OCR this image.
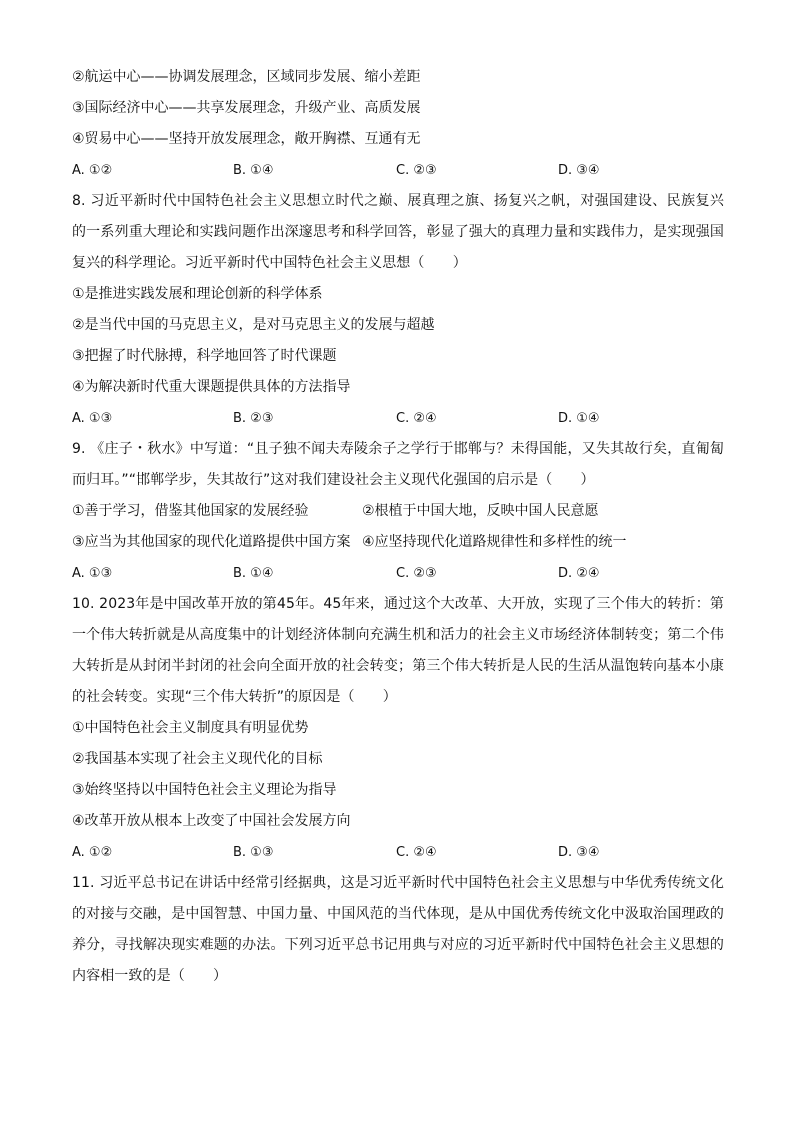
②航运中心——协调发展理念，区域同步发展、缩小差距
③国际经济中心——共享发展理念，升级产业、高质发展
④贸易中心——坚持开放发展理念，敞开胸襟、互通有无
A. ①②	B. ①④	C. ②③	D. ③④
8. 习近平新时代中国特色社会主义思想立时代之巅、展真理之旗、扬复兴之帆，对强国建设、民族复兴的一系列重大理论和实践问题作出深邃思考和科学回答，彰显了强大的真理力量和实践伟力，是实现强国复兴的科学理论。习近平新时代中国特色社会主义思想（　　）
①是推进实践发展和理论创新的科学体系
②是当代中国的马克思主义，是对马克思主义的发展与超越
③把握了时代脉搏，科学地回答了时代课题
④为解决新时代重大课题提供具体的方法指导
A. ①③	B. ②③	C. ②④	D. ①④
9. 《庄子・秋水》中写道：“且子独不闻夫寿陵余子之学行于邯郸与？未得国能，又失其故行矣，直匍匐而归耳。”“邯郸学步，失其故行”这对我们建设社会主义现代化强国的启示是（　　）
①善于学习，借鉴其他国家的发展经验	②根植于中国大地，反映中国人民意愿
③应当为其他国家的现代化道路提供中国方案 ④应坚持现代化道路规律性和多样性的统一
A. ①③	B. ①④	C. ②③	D. ②④
10. 2023年是中国改革开放的第45年。45年来，通过这个大改革、大开放，实现了三个伟大的转折：第一个伟大转折就是从高度集中的计划经济体制向充满生机和活力的社会主义市场经济体制转变；第二个伟大转折是从封闭半封闭的社会向全面开放的社会转变；第三个伟大转折是人民的生活从温饱转向基本小康的社会转变。实现“三个伟大转折”的原因是（　　）
①中国特色社会主义制度具有明显优势
②我国基本实现了社会主义现代化的目标
③始终坚持以中国特色社会主义理论为指导
④改革开放从根本上改变了中国社会发展方向
A. ①②	B. ①③	C. ②④	D. ③④
11. 习近平总书记在讲话中经常引经据典，这是习近平新时代中国特色社会主义思想与中华优秀传统文化的对接与交融，是中国智慧、中国力量、中国风范的当代体现，是从中国优秀传统文化中汲取治国理政的养分，寻找解决现实难题的办法。下列习近平总书记用典与对应的习近平新时代中国特色社会主义思想的内容相一致的是（　　）
